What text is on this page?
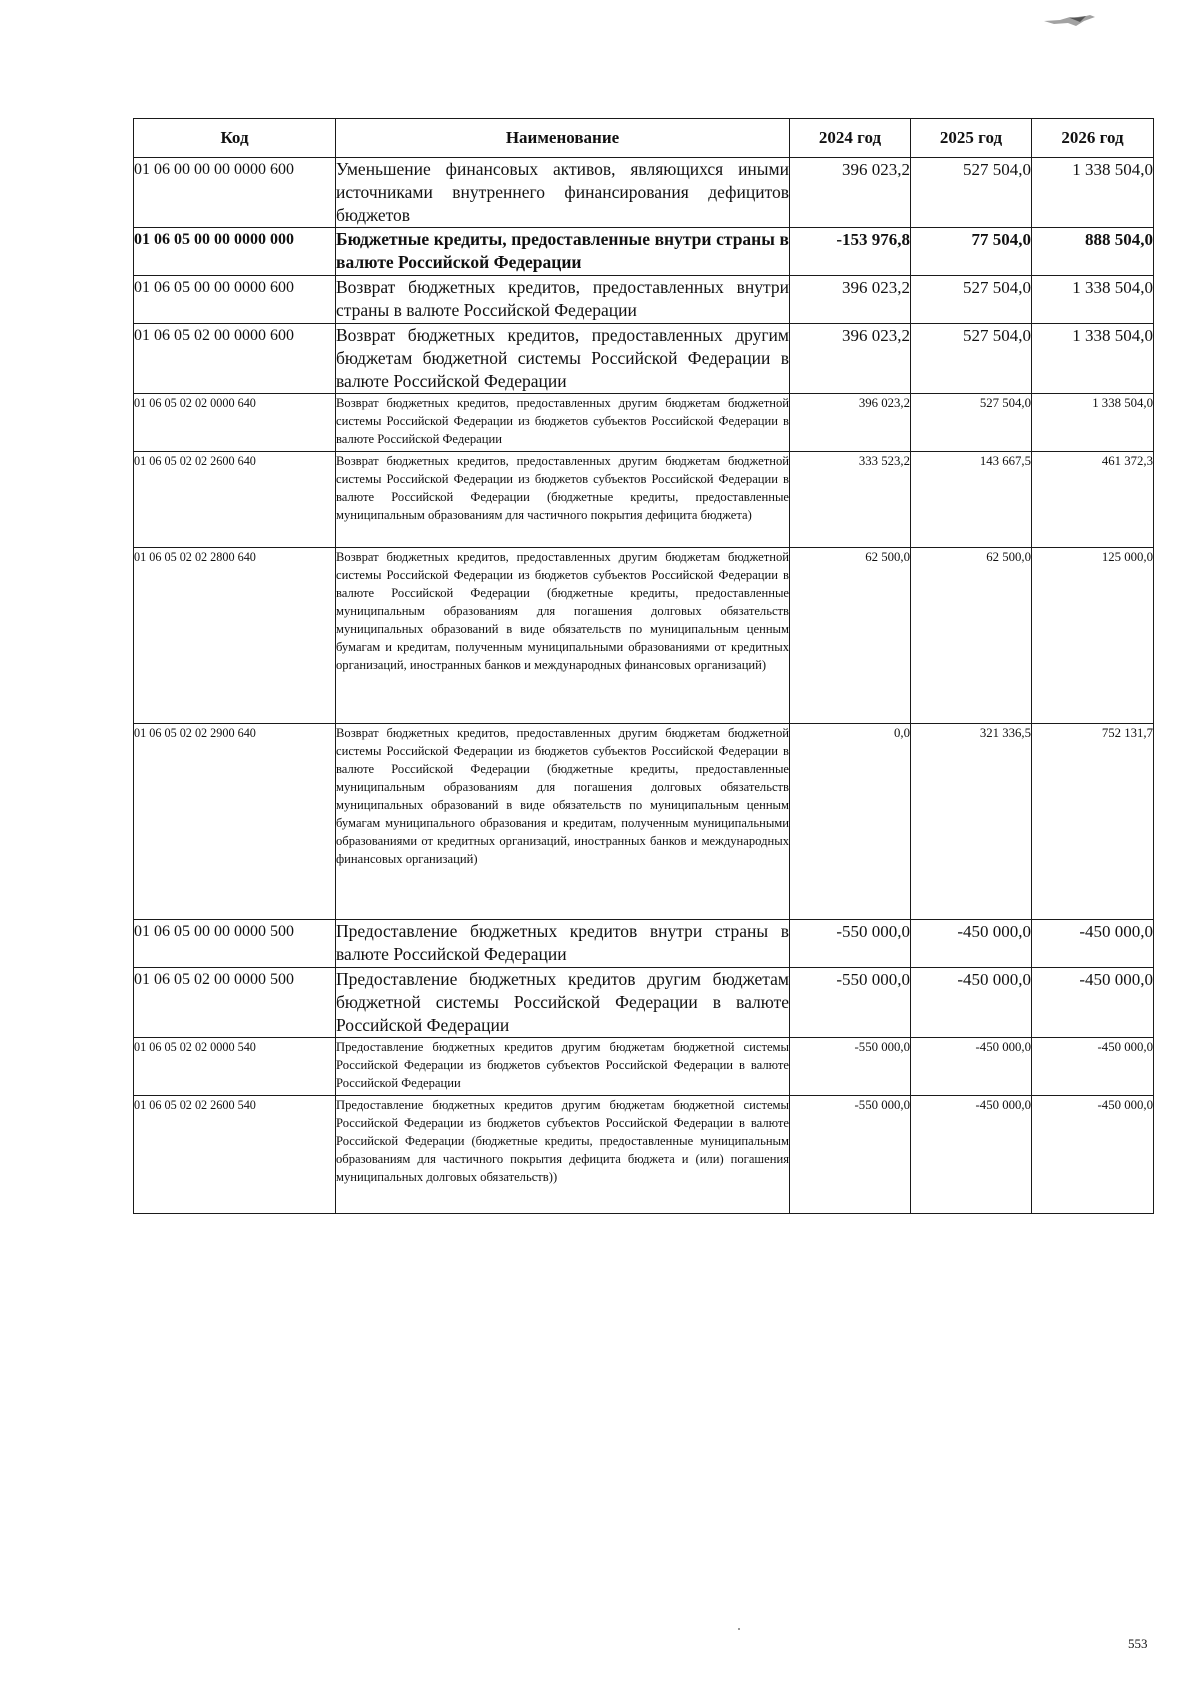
Код	Наименование	2024 год	2025 год	2026 год
01 06 00 00 00 0000 600	Уменьшение финансовых активов, являющихся иными источниками внутреннего финансирования дефицитов бюджетов	396 023,2	527 504,0	1 338 504,0
01 06 05 00 00 0000 000	Бюджетные кредиты, предоставленные внутри страны в валюте Российской Федерации	-153 976,8	77 504,0	888 504,0
01 06 05 00 00 0000 600	Возврат бюджетных кредитов, предоставленных внутри страны в валюте Российской Федерации	396 023,2	527 504,0	1 338 504,0
01 06 05 02 00 0000 600	Возврат бюджетных кредитов, предоставленных другим бюджетам бюджетной системы Российской Федерации в валюте Российской Федерации	396 023,2	527 504,0	1 338 504,0
01 06 05 02 02 0000 640	Возврат бюджетных кредитов, предоставленных другим бюджетам бюджетной системы Российской Федерации из бюджетов субъектов Российской Федерации в валюте Российской Федерации	396 023,2	527 504,0	1 338 504,0
01 06 05 02 02 2600 640	Возврат бюджетных кредитов, предоставленных другим бюджетам бюджетной системы Российской Федерации из бюджетов субъектов Российской Федерации в валюте Российской Федерации (бюджетные кредиты, предоставленные муниципальным образованиям для частичного покрытия дефицита бюджета)	333 523,2	143 667,5	461 372,3
01 06 05 02 02 2800 640	Возврат бюджетных кредитов, предоставленных другим бюджетам бюджетной системы Российской Федерации из бюджетов субъектов Российской Федерации в валюте Российской Федерации (бюджетные кредиты, предоставленные муниципальным образованиям для погашения долговых обязательств муниципальных образований в виде обязательств по муниципальным ценным бумагам и кредитам, полученным муниципальными образованиями от кредитных организаций, иностранных банков и международных финансовых организаций)	62 500,0	62 500,0	125 000,0
01 06 05 02 02 2900 640	Возврат бюджетных кредитов, предоставленных другим бюджетам бюджетной системы Российской Федерации из бюджетов субъектов Российской Федерации в валюте Российской Федерации (бюджетные кредиты, предоставленные муниципальным образованиям для погашения долговых обязательств муниципальных образований в виде обязательств по муниципальным ценным бумагам муниципального образования и кредитам, полученным муниципальными образованиями от кредитных организаций, иностранных банков и международных финансовых организаций)	0,0	321 336,5	752 131,7
01 06 05 00 00 0000 500	Предоставление бюджетных кредитов внутри страны в валюте Российской Федерации	-550 000,0	-450 000,0	-450 000,0
01 06 05 02 00 0000 500	Предоставление бюджетных кредитов другим бюджетам бюджетной системы Российской Федерации в валюте Российской Федерации	-550 000,0	-450 000,0	-450 000,0
01 06 05 02 02 0000 540	Предоставление бюджетных кредитов другим бюджетам бюджетной системы Российской Федерации из бюджетов субъектов Российской Федерации в валюте Российской Федерации	-550 000,0	-450 000,0	-450 000,0
01 06 05 02 02 2600 540	Предоставление бюджетных кредитов другим бюджетам бюджетной системы Российской Федерации из бюджетов субъектов Российской Федерации в валюте Российской Федерации (бюджетные кредиты, предоставленные муниципальным образованиям для частичного покрытия дефицита бюджета и (или) погашения муниципальных долговых обязательств))	-550 000,0	-450 000,0	-450 000,0
553
